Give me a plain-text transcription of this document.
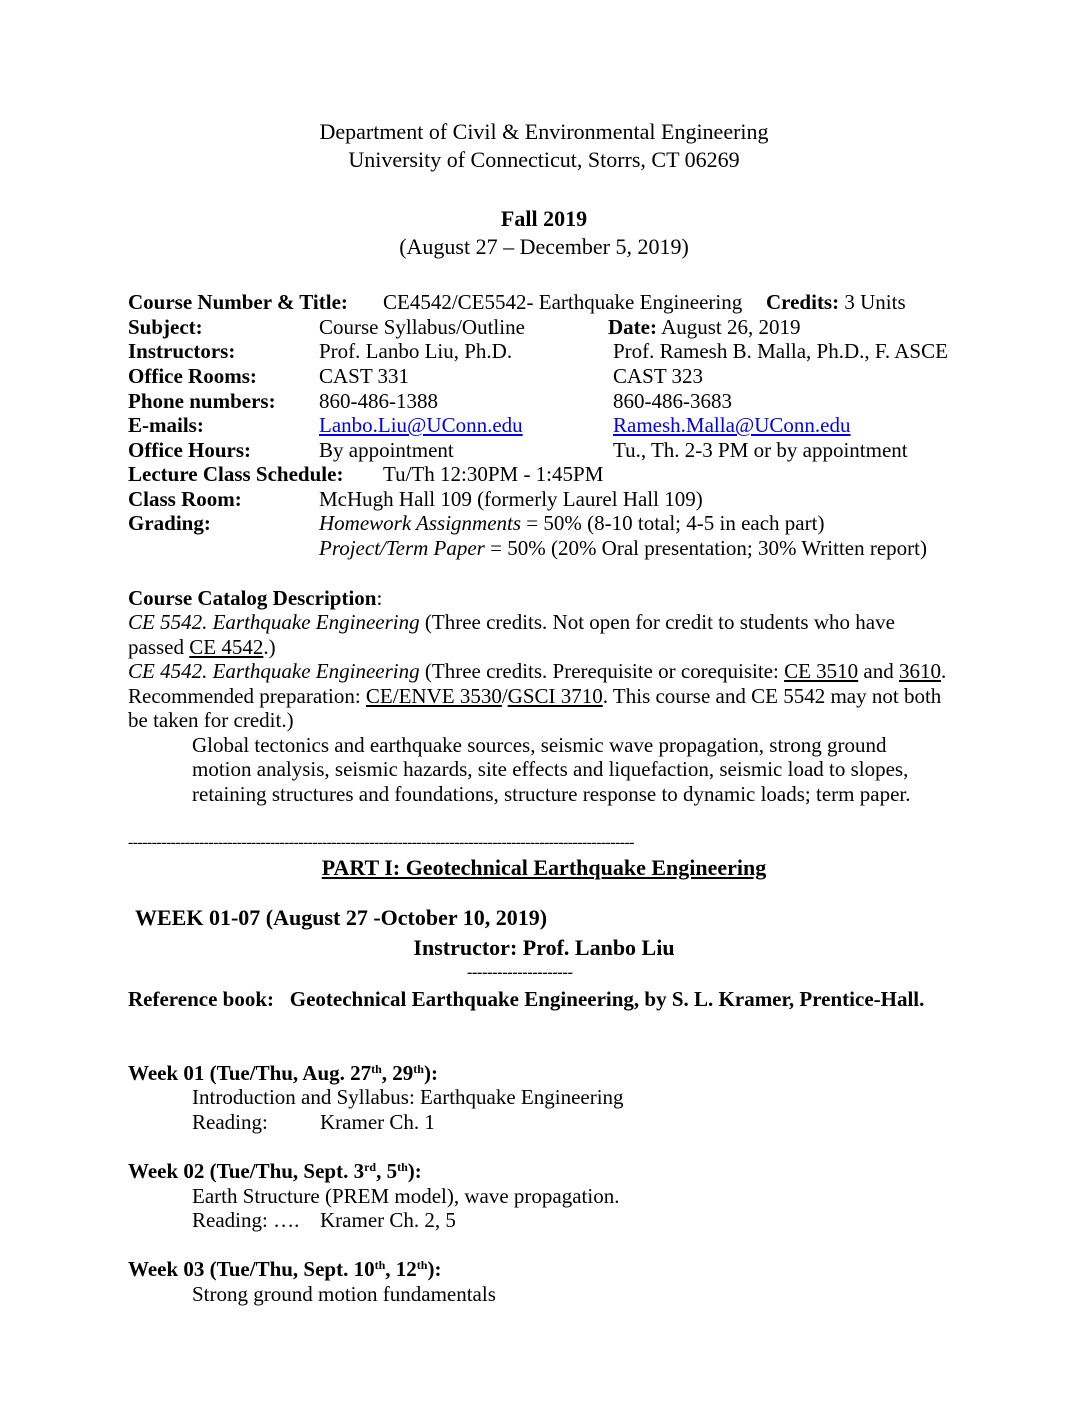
Department of Civil & Environmental Engineering
University of Connecticut, Storrs, CT 06269
Fall 2019
(August 27 – December 5, 2019)
Course Number & Title: CE4542/CE5542- Earthquake Engineering Credits: 3 Units
Subject:	Course Syllabus/Outline	Date: August 26, 2019
Instructors:	Prof. Lanbo Liu, Ph.D.	Prof. Ramesh B. Malla, Ph.D., F. ASCE
Office Rooms:	CAST 331	CAST 323
Phone numbers: 860-486-1388	860-486-3683
E-mails:	Lanbo.Liu@UConn.edu	Ramesh.Malla@UConn.edu
Office Hours:	By appointment	Tu., Th. 2-3 PM or by appointment
Lecture Class Schedule: Tu/Th 12:30PM - 1:45PM
Class Room:	McHugh Hall 109 (formerly Laurel Hall 109)
Grading:	Homework Assignments = 50% (8-10 total; 4-5 in each part)
Project/Term Paper = 50% (20% Oral presentation; 30% Written report)
Course Catalog Description:
CE 5542. Earthquake Engineering (Three credits. Not open for credit to students who have
passed CE 4542.)
CE 4542. Earthquake Engineering (Three credits. Prerequisite or corequisite: CE 3510 and 3610.
Recommended preparation: CE/ENVE 3530/GSCI 3710. This course and CE 5542 may not both
be taken for credit.)
Global tectonics and earthquake sources, seismic wave propagation, strong ground
motion analysis, seismic hazards, site effects and liquefaction, seismic load to slopes,
retaining structures and foundations, structure response to dynamic loads; term paper.
-----------------------------------------------------------------------------------------------------------
PART I: Geotechnical Earthquake Engineering
WEEK 01-07 (August 27 -October 10, 2019)
Instructor: Prof. Lanbo Liu
---------------------
Reference book: Geotechnical Earthquake Engineering, by S. L. Kramer, Prentice-Hall.
Week 01 (Tue/Thu, Aug. 27th, 29th):
Introduction and Syllabus: Earthquake Engineering
Reading: Kramer Ch. 1
Week 02 (Tue/Thu, Sept. 3rd, 5th):
Earth Structure (PREM model), wave propagation.
Reading: …. Kramer Ch. 2, 5
Week 03 (Tue/Thu, Sept. 10th, 12th):
Strong ground motion fundamentals
